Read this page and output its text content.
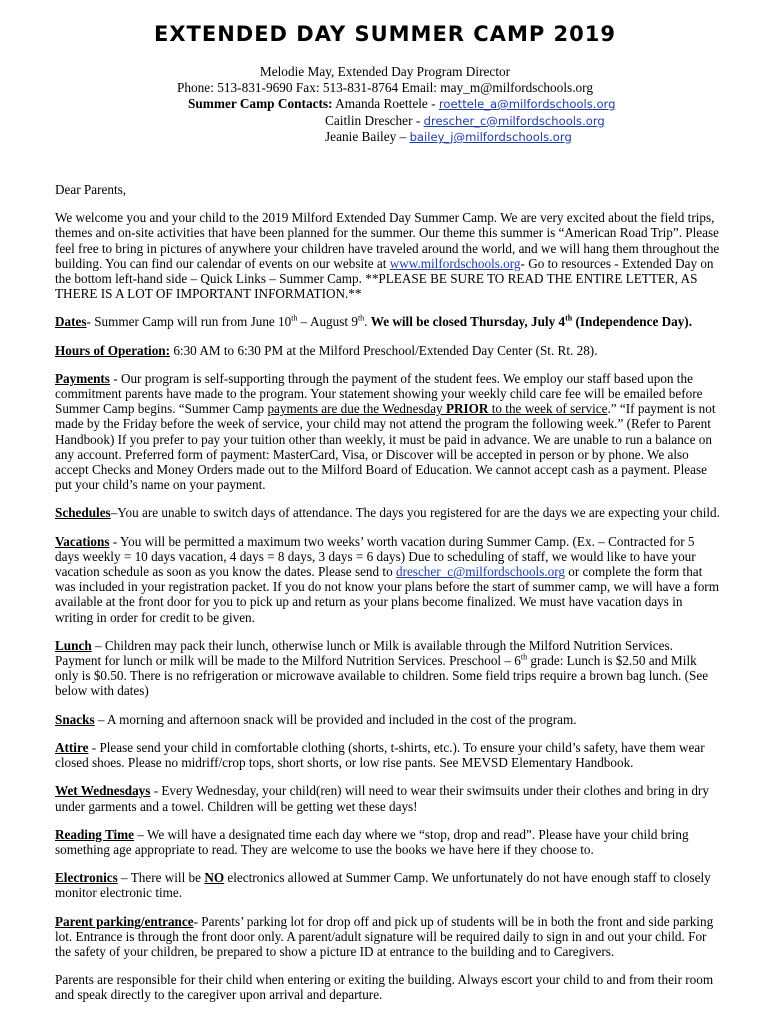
EXTENDED DAY SUMMER CAMP 2019
Melodie May, Extended Day Program Director
Phone: 513-831-9690 Fax: 513-831-8764 Email: may_m@milfordschools.org
Summer Camp Contacts: Amanda Roettele - roettele_a@milfordschools.org
Caitlin Drescher - drescher_c@milfordschools.org
Jeanie Bailey – bailey_j@milfordschools.org

Dear Parents,

We welcome you and your child to the 2019 Milford Extended Day Summer Camp. We are very excited about the field trips, themes and on-site activities that have been planned for the summer. Our theme this summer is “American Road Trip”. Please feel free to bring in pictures of anywhere your children have traveled around the world, and we will hang them throughout the building. You can find our calendar of events on our website at www.milfordschools.org- Go to resources - Extended Day on the bottom left-hand side – Quick Links – Summer Camp. **PLEASE BE SURE TO READ THE ENTIRE LETTER, AS THERE IS A LOT OF IMPORTANT INFORMATION.**

Dates- Summer Camp will run from June 10th – August 9th. We will be closed Thursday, July 4th (Independence Day).

Hours of Operation: 6:30 AM to 6:30 PM at the Milford Preschool/Extended Day Center (St. Rt. 28).

Payments - Our program is self-supporting through the payment of the student fees. We employ our staff based upon the commitment parents have made to the program. Your statement showing your weekly child care fee will be emailed before Summer Camp begins. “Summer Camp payments are due the Wednesday PRIOR to the week of service.” “If payment is not made by the Friday before the week of service, your child may not attend the program the following week.” (Refer to Parent Handbook) If you prefer to pay your tuition other than weekly, it must be paid in advance. We are unable to run a balance on any account. Preferred form of payment: MasterCard, Visa, or Discover will be accepted in person or by phone. We also accept Checks and Money Orders made out to the Milford Board of Education. We cannot accept cash as a payment. Please put your child’s name on your payment.

Schedules–You are unable to switch days of attendance. The days you registered for are the days we are expecting your child.

Vacations - You will be permitted a maximum two weeks’ worth vacation during Summer Camp. (Ex. – Contracted for 5 days weekly = 10 days vacation, 4 days = 8 days, 3 days = 6 days) Due to scheduling of staff, we would like to have your vacation schedule as soon as you know the dates. Please send to drescher_c@milfordschools.org or complete the form that was included in your registration packet. If you do not know your plans before the start of summer camp, we will have a form available at the front door for you to pick up and return as your plans become finalized. We must have vacation days in writing in order for credit to be given.

Lunch – Children may pack their lunch, otherwise lunch or Milk is available through the Milford Nutrition Services. Payment for lunch or milk will be made to the Milford Nutrition Services. Preschool – 6th grade: Lunch is $2.50 and Milk only is $0.50. There is no refrigeration or microwave available to children. Some field trips require a brown bag lunch. (See below with dates)

Snacks – A morning and afternoon snack will be provided and included in the cost of the program.

Attire - Please send your child in comfortable clothing (shorts, t-shirts, etc.). To ensure your child’s safety, have them wear closed shoes. Please no midriff/crop tops, short shorts, or low rise pants. See MEVSD Elementary Handbook.

Wet Wednesdays - Every Wednesday, your child(ren) will need to wear their swimsuits under their clothes and bring in dry under garments and a towel. Children will be getting wet these days!

Reading Time – We will have a designated time each day where we “stop, drop and read”. Please have your child bring something age appropriate to read. They are welcome to use the books we have here if they choose to.

Electronics – There will be NO electronics allowed at Summer Camp. We unfortunately do not have enough staff to closely monitor electronic time.

Parent parking/entrance- Parents’ parking lot for drop off and pick up of students will be in both the front and side parking lot. Entrance is through the front door only. A parent/adult signature will be required daily to sign in and out your child. For the safety of your children, be prepared to show a picture ID at entrance to the building and to Caregivers.

Parents are responsible for their child when entering or exiting the building. Always escort your child to and from their room and speak directly to the caregiver upon arrival and departure.
